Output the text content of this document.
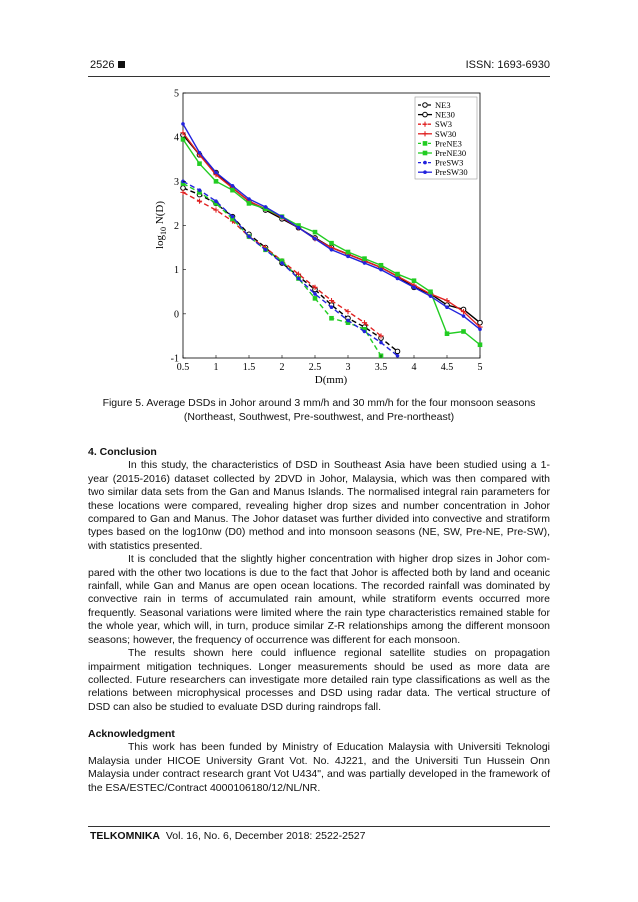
2526	ISSN: 1693-6930
0.5 1 1.5 2 2.5 3 3.5 4 4.5 5
-1
0
1
2
3
4
5
D(mm)
$\log_{10} N(D)$
NE3
NE30
SW3
SW30
PreNE3
PreNE30
PreSW3
PreSW30
Figure 5. Average DSDs in Johor around 3 mm/h and 30 mm/h for the four monsoon seasons
(Northeast, Southwest, Pre-southwest, and Pre-northeast)
4. Conclusion

In this study, the characteristics of DSD in Southeast Asia have been studied using a 1- year (2015-2016) dataset collected by 2DVD in Johor, Malaysia, which was then compared with two similar data sets from the Gan and Manus Islands. The normalised integral rain parameters for these locations were compared, revealing higher drop sizes and number concentration in Johor compared to Gan and Manus. The Johor dataset was further divided into convective and stratiform types based on the log10nw (D0) method and into monsoon seasons (NE, SW, Pre-NE, Pre-SW), with statistics presented.

It is concluded that the slightly higher concentration with higher drop sizes in Johor com- pared with the other two locations is due to the fact that Johor is affected both by land and oceanic rainfall, while Gan and Manus are open ocean locations. The recorded rainfall was dominated by convective rain in terms of accumulated rain amount, while stratiform events occurred more frequently. Seasonal variations were limited where the rain type characteristics remained stable for the whole year, which will, in turn, produce similar Z-R relationships among the different monsoon seasons; however, the frequency of occurrence was different for each monsoon.

The results shown here could influence regional satellite studies on propagation impairment mitigation techniques. Longer measurements should be used as more data are collected. Future researchers can investigate more detailed rain type classifications as well as the relations between microphysical processes and DSD using radar data. The vertical structure of DSD can also be studied to evaluate DSD during raindrops fall.

Acknowledgment

This work has been funded by Ministry of Education Malaysia with Universiti Teknologi Malaysia under HICOE University Grant Vot. No. 4J221, and the Universiti Tun Hussein Onn Malaysia under contract research grant Vot U434", and was partially developed in the framework of the ESA/ESTEC/Contract 4000106180/12/NL/NR.

TELKOMNIKA Vol. 16, No. 6, December 2018: 2522-2527
